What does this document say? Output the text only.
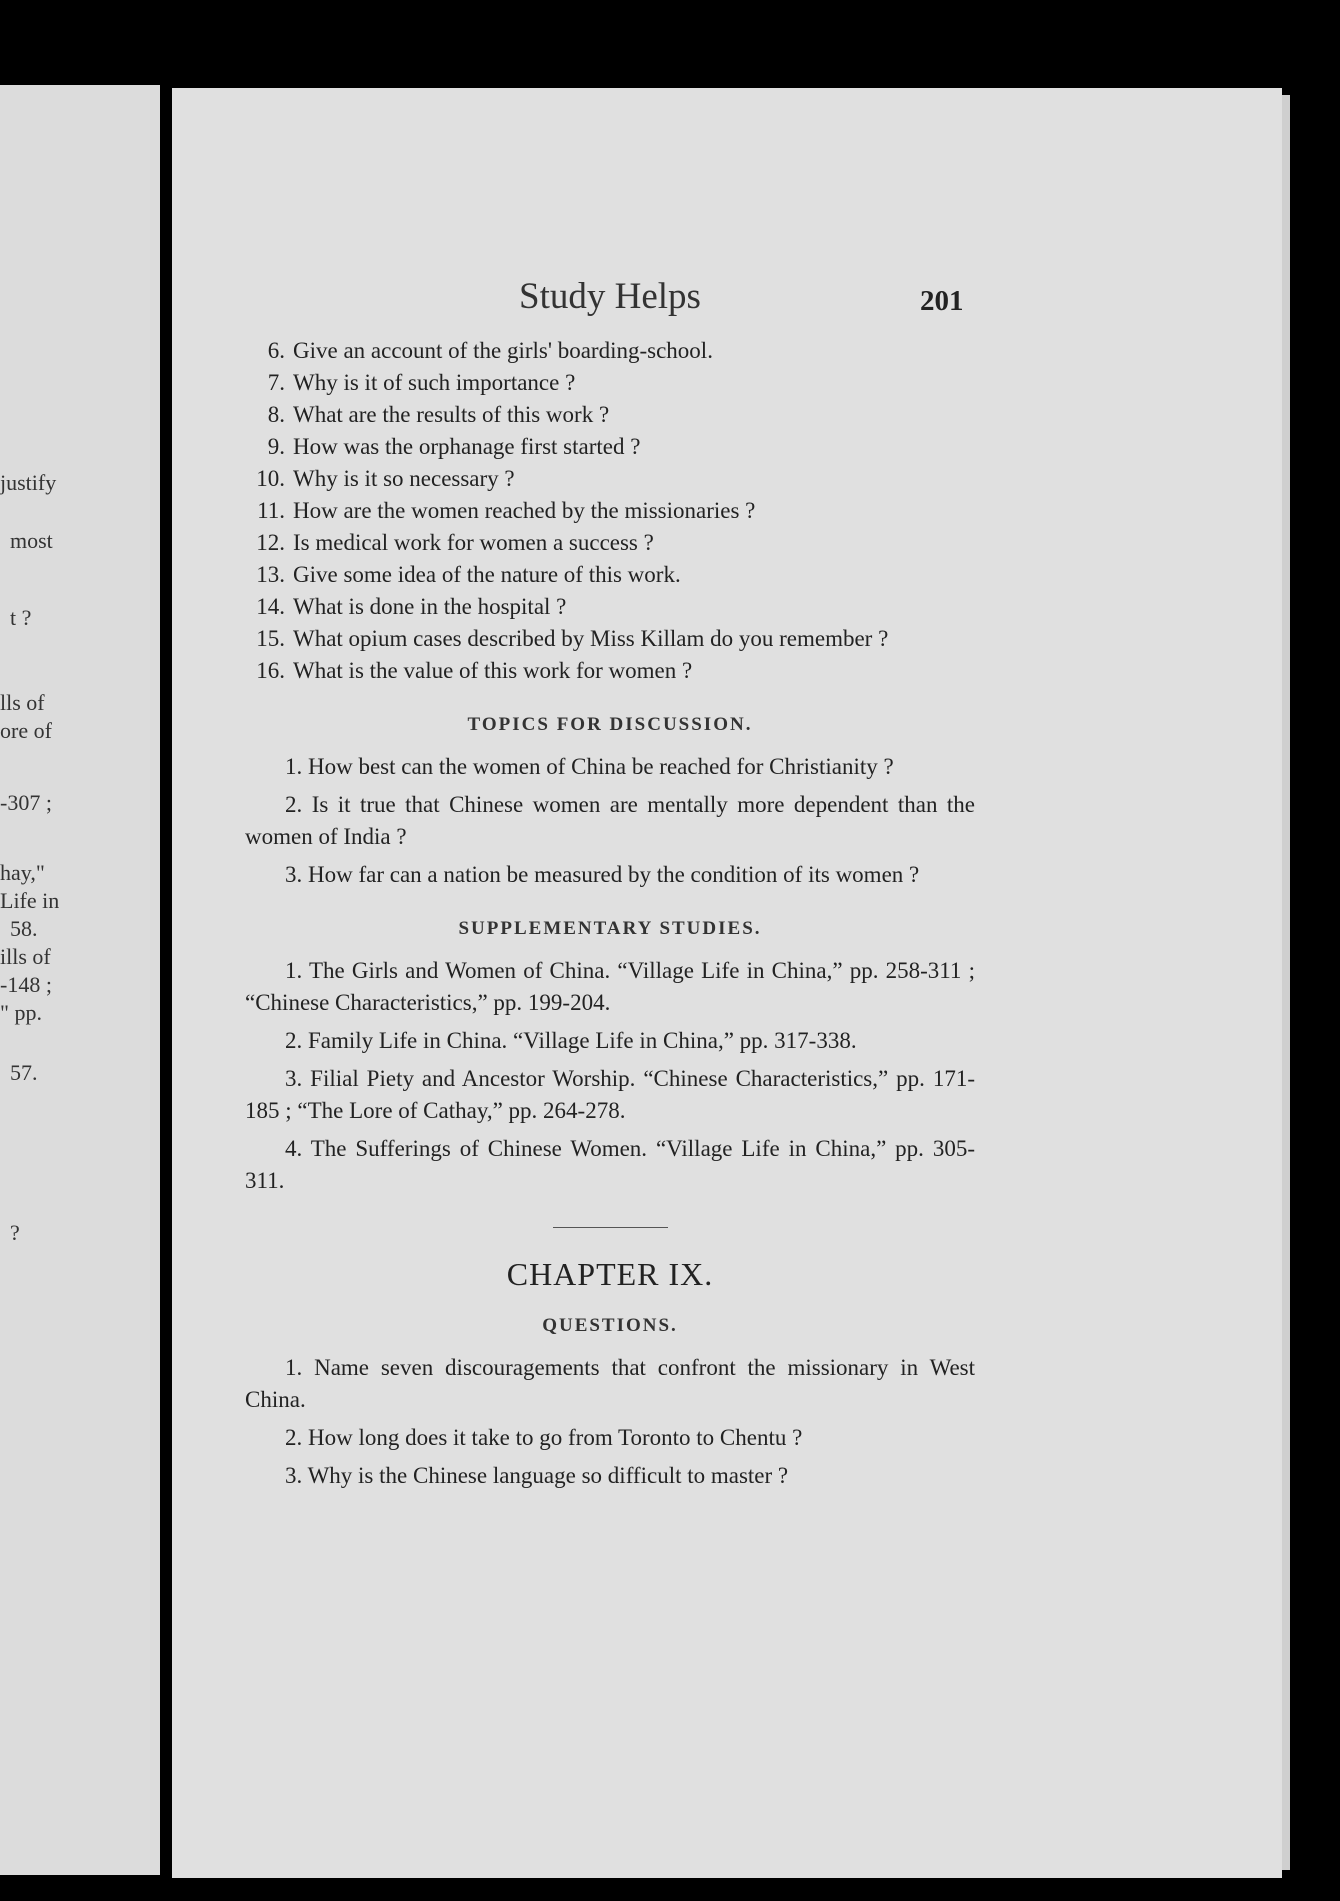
justify
most
t ?
lls of
ore of
-307 ;
hay,"
Life in
58.
ills of
-148 ;
" pp.
57.
?
Study Helps	201

6. Give an account of the girls' boarding-school.

7. Why is it of such importance ?

8. What are the results of this work ?

9. How was the orphanage first started ?

10. Why is it so necessary ?

11. How are the women reached by the missionaries ?

12. Is medical work for women a success ?

13. Give some idea of the nature of this work.

14. What is done in the hospital ?

15. What opium cases described by Miss Killam do you remember ?

16. What is the value of this work for women ?

TOPICS FOR DISCUSSION.

1. How best can the women of China be reached for Christianity ?

2. Is it true that Chinese women are mentally more dependent than the women of India ?

3. How far can a nation be measured by the condition of its women ?

SUPPLEMENTARY STUDIES.

1. The Girls and Women of China. “Village Life in China,” pp. 258-311 ; “Chinese Characteristics,” pp. 199-204.

2. Family Life in China. “Village Life in China,” pp. 317-338.

3. Filial Piety and Ancestor Worship. “Chinese Characteristics,” pp. 171-185 ; “The Lore of Cathay,” pp. 264-278.

4. The Sufferings of Chinese Women. “Village Life in China,” pp. 305-311.

CHAPTER IX.
QUESTIONS.

1. Name seven discouragements that confront the missionary in West China.

2. How long does it take to go from Toronto to Chentu ?

3. Why is the Chinese language so difficult to master ?
